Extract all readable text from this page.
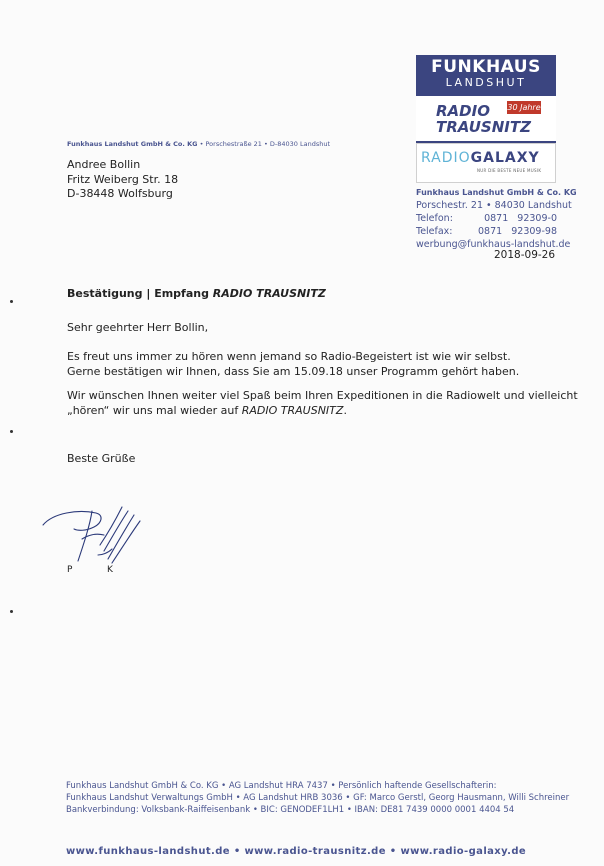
FUNKHAUS
LANDSHUT
RADIO
TRAUSNITZ
30 Jahre
RADIOGALAXY
NUR DIE BESTE NEUE MUSIK
Funkhaus Landshut GmbH & Co. KG
Porschestr. 21 • 84030 Landshut
Telefon:	0871   92309-0
Telefax:	0871   92309-98
werbung@funkhaus-landshut.de
2018-09-26
Funkhaus Landshut GmbH & Co. KG • Porschestraße 21 • D-84030 Landshut
Andree Bollin
Fritz Weiberg Str. 18
D-38448 Wolfsburg
Bestätigung | Empfang RADIO TRAUSNITZ
Sehr geehrter Herr Bollin,
Es freut uns immer zu hören wenn jemand so Radio-Begeistert ist wie wir selbst.
Gerne bestätigen wir Ihnen, dass Sie am 15.09.18 unser Programm gehört haben.
Wir wünschen Ihnen weiter viel Spaß beim Ihren Expeditionen in die Radiowelt und vielleicht
„hören“ wir uns mal wieder auf RADIO TRAUSNITZ.
Beste Grüße
P	K
Funkhaus Landshut GmbH & Co. KG • AG Landshut HRA 7437 • Persönlich haftende Gesellschafterin:
Funkhaus Landshut Verwaltungs GmbH • AG Landshut HRB 3036 • GF: Marco Gerstl, Georg Hausmann, Willi Schreiner
Bankverbindung: Volksbank-Raiffeisenbank • BIC: GENODEF1LH1 • IBAN: DE81 7439 0000 0001 4404 54
www.funkhaus-landshut.de • www.radio-trausnitz.de • www.radio-galaxy.de
